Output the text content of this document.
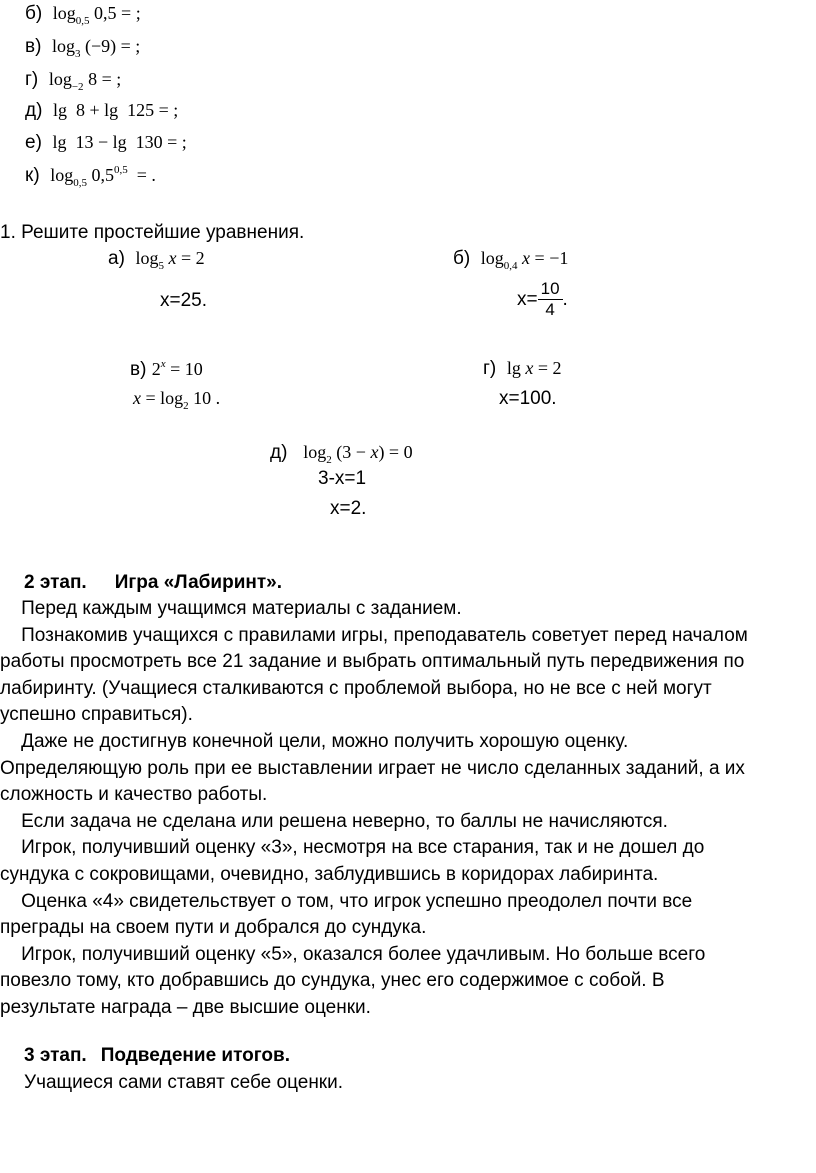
б) $\log_{0,5} 0,5$ = ;
в) $\log_3 (-9)$ = ;
г) $\log_{-2} 8$ = ;
д) lg  8 + lg  125 = ;
е) lg  13 − lg  130 = ;
к) $\log_{0,5} 0,5^{0,5}$  = .
1. Решите простейшие уравнения.
а) $\log_5 x = 2$
x=25.
б) $\log_{0,4} x = -1$
$x= \frac{10}{4}$ .
в) $2^x = 10$
$x = \log_2 10$ .
г) lg x = 2
x=100.
д) $\log_2 (3 - x) = 0$
3-x=1
x=2.
2 этап. Игра «Лабиринт».
Перед каждым учащимся материалы с заданием.
Познакомив учащихся с правилами игры, преподаватель советует перед началом
работы просмотреть все 21 задание и выбрать оптимальный путь передвижения по
лабиринту. (Учащиеся сталкиваются с проблемой выбора, но не все с ней могут
успешно справиться).
Даже не достигнув конечной цели, можно получить хорошую оценку.
Определяющую роль при ее выставлении играет не число сделанных заданий, а их
сложность и качество работы.
Если задача не сделана или решена неверно, то баллы не начисляются.
Игрок, получивший оценку «3», несмотря на все старания, так и не дошел до
сундука с сокровищами, очевидно, заблудившись в коридорах лабиринта.
Оценка «4» свидетельствует о том, что игрок успешно преодолел почти все
преграды на своем пути и добрался до сундука.
Игрок, получивший оценку «5», оказался более удачливым. Но больше всего
повезло тому, кто добравшись до сундука, унес его содержимое с собой. В
результате награда – две высшие оценки.
3 этап. Подведение итогов.
Учащиеся сами ставят себе оценки.
